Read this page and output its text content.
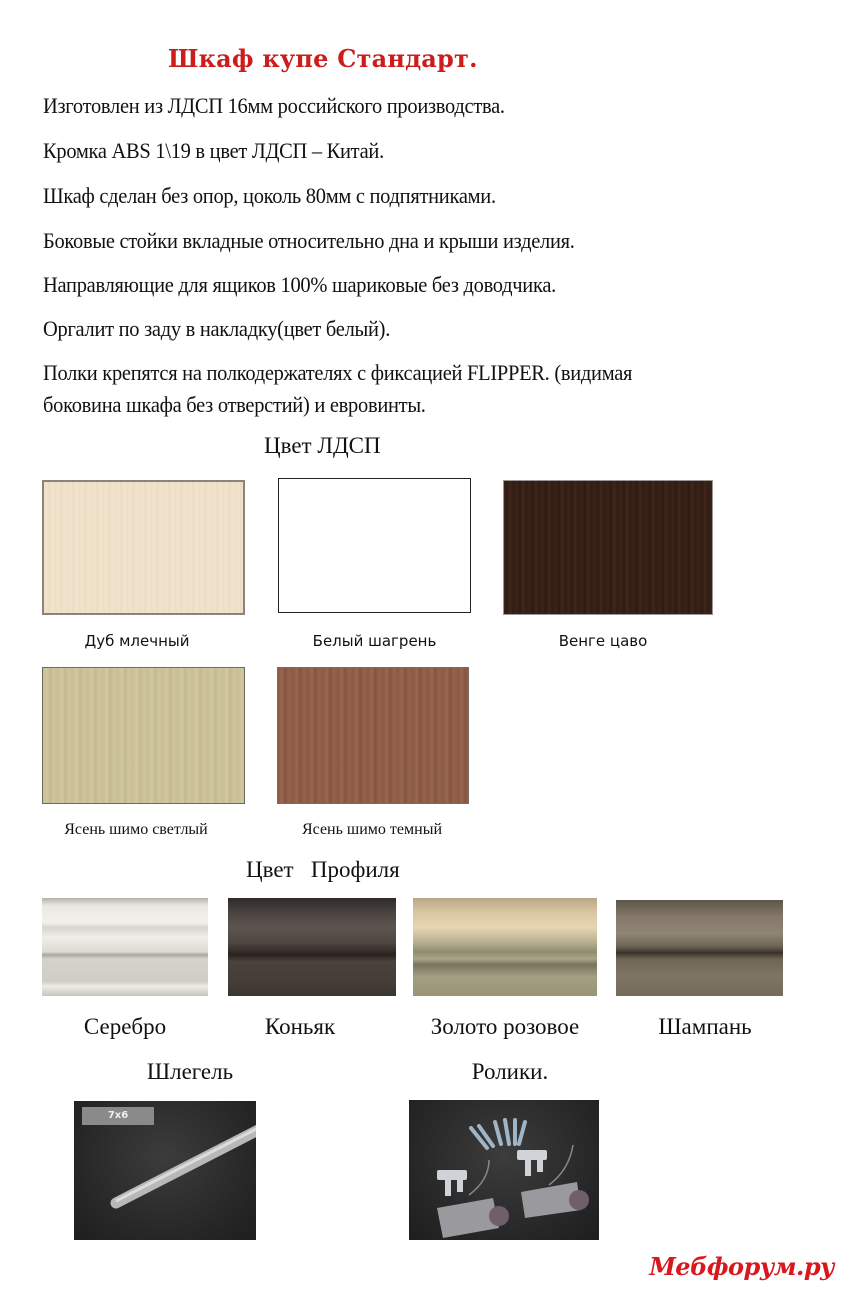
Шкаф купе Стандарт.
Изготовлен из ЛДСП 16мм российского производства.
Кромка ABS 1\19 в цвет ЛДСП – Китай.
Шкаф сделан без опор, цоколь 80мм с подпятниками.
Боковые стойки вкладные относительно дна и крыши изделия.
Направляющие для ящиков 100% шариковые без доводчика.
Оргалит по заду в накладку(цвет белый).
Полки крепятся на полкодержателях с фиксацией FLIPPER. (видимая
боковина шкафа без отверстий) и евровинты.
Цвет ЛДСП
Дуб млечный	Белый шагрень	Венге цаво
Ясень шимо светлый	Ясень шимо темный
Цвет   Профиля
Серебро	Коньяк	Золото розовое	Шампань
Шлегель	Ролики.
7x6
Мебфорум.ру
